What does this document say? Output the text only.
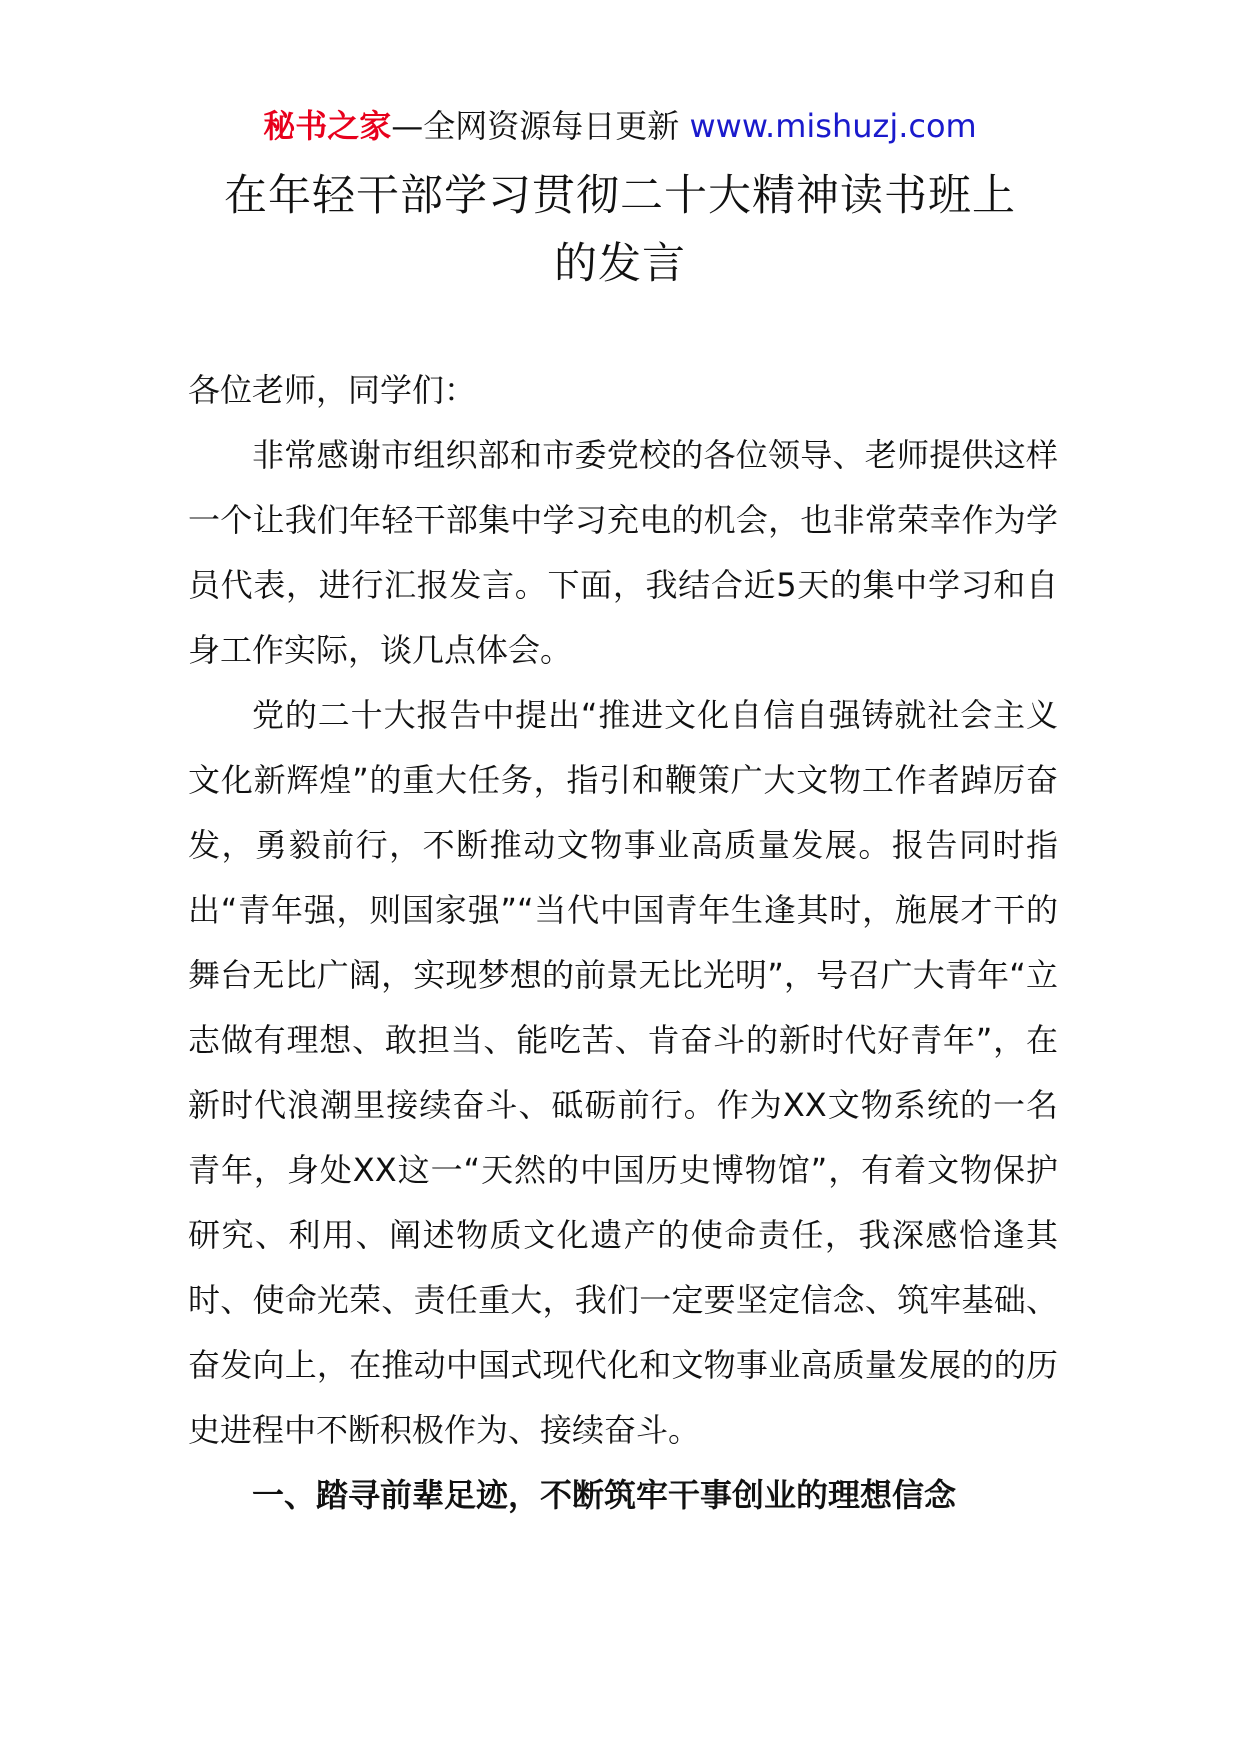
秘书之家—全网资源每日更新 www.mishuzj.com
在年轻干部学习贯彻二十大精神读书班上
的发言

各位老师，同学们：

非常感谢市组织部和市委党校的各位领导、老师提供这样一个让我们年轻干部集中学习充电的机会，也非常荣幸作为学员代表，进行汇报发言。下面，我结合近5天的集中学习和自身工作实际，谈几点体会。

党的二十大报告中提出“推进文化自信自强铸就社会主义文化新辉煌”的重大任务，指引和鞭策广大文物工作者踔厉奋发，勇毅前行，不断推动文物事业高质量发展。报告同时指出“青年强，则国家强”“当代中国青年生逢其时，施展才干的舞台无比广阔，实现梦想的前景无比光明”，号召广大青年“立志做有理想、敢担当、能吃苦、肯奋斗的新时代好青年”，在新时代浪潮里接续奋斗、砥砺前行。作为XX文物系统的一名青年，身处XX这一“天然的中国历史博物馆”，有着文物保护研究、利用、阐述物质文化遗产的使命责任，我深感恰逢其时、使命光荣、责任重大，我们一定要坚定信念、筑牢基础、奋发向上，在推动中国式现代化和文物事业高质量发展的的历史进程中不断积极作为、接续奋斗。

一、踏寻前辈足迹，不断筑牢干事创业的理想信念
